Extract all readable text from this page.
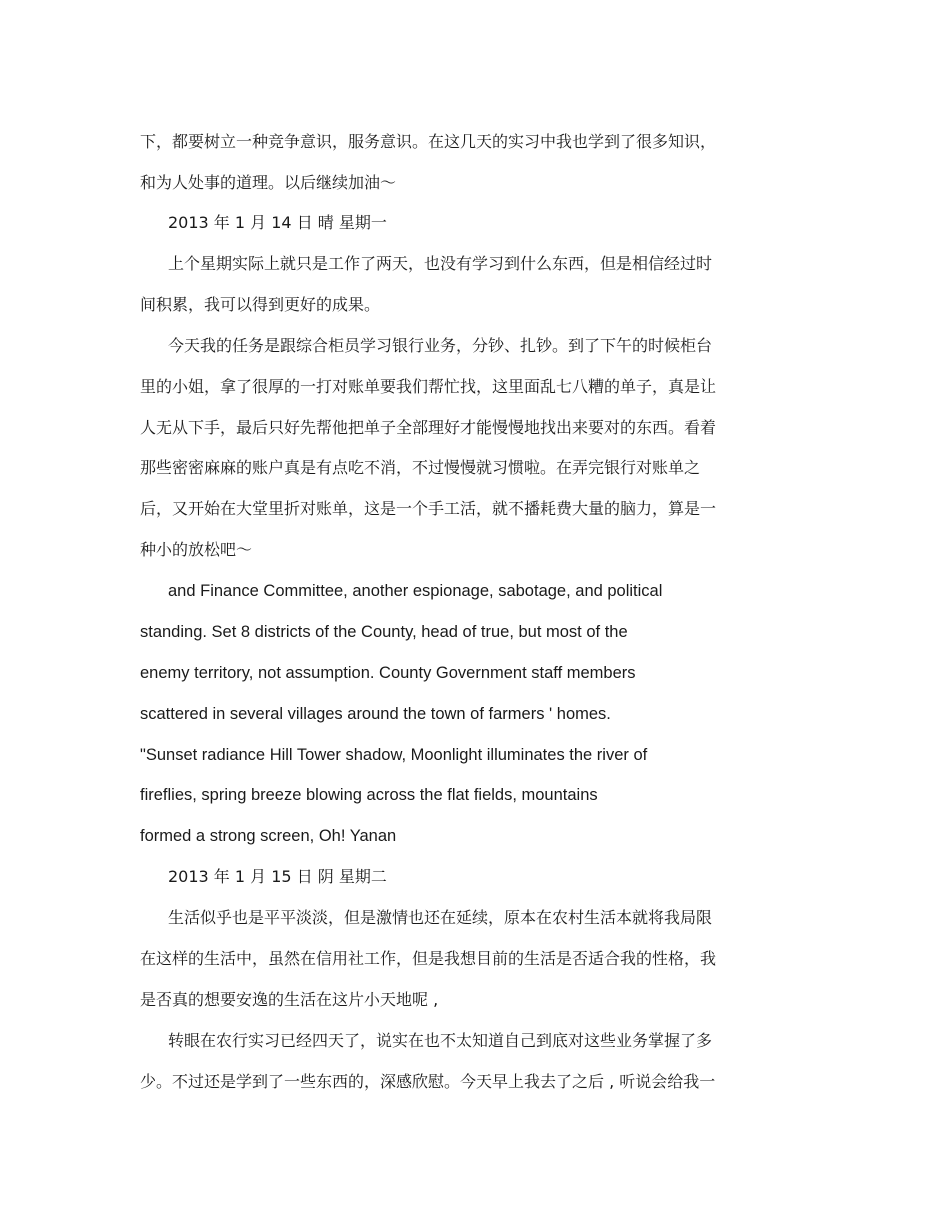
下，都要树立一种竞争意识，服务意识。在这几天的实习中我也学到了很多知识，
和为人处事的道理。以后继续加油～
2013 年 1 月 14 日 晴 星期一
上个星期实际上就只是工作了两天，也没有学习到什么东西，但是相信经过时
间积累，我可以得到更好的成果。
今天我的任务是跟综合柜员学习银行业务，分钞、扎钞。到了下午的时候柜台
里的小姐，拿了很厚的一打对账单要我们帮忙找，这里面乱七八糟的单子，真是让
人无从下手，最后只好先帮他把单子全部理好才能慢慢地找出来要对的东西。看着
那些密密麻麻的账户真是有点吃不消，不过慢慢就习惯啦。在弄完银行对账单之
后，又开始在大堂里折对账单，这是一个手工活，就不播耗费大量的脑力，算是一
种小的放松吧～
and Finance Committee, another espionage, sabotage, and political
standing. Set 8 districts of the County, head of true, but most of the
enemy territory, not assumption. County Government staff members
scattered in several villages around the town of farmers ' homes.
"Sunset radiance Hill Tower shadow, Moonlight illuminates the river of
fireflies, spring breeze blowing across the flat fields, mountains
formed a strong screen, Oh! Yanan
2013 年 1 月 15 日 阴 星期二
生活似乎也是平平淡淡，但是激情也还在延续，原本在农村生活本就将我局限
在这样的生活中，虽然在信用社工作，但是我想目前的生活是否适合我的性格，我
是否真的想要安逸的生活在这片小天地呢 ,
转眼在农行实习已经四天了，说实在也不太知道自己到底对这些业务掌握了多
少。不过还是学到了一些东西的，深感欣慰。今天早上我去了之后 , 听说会给我一
